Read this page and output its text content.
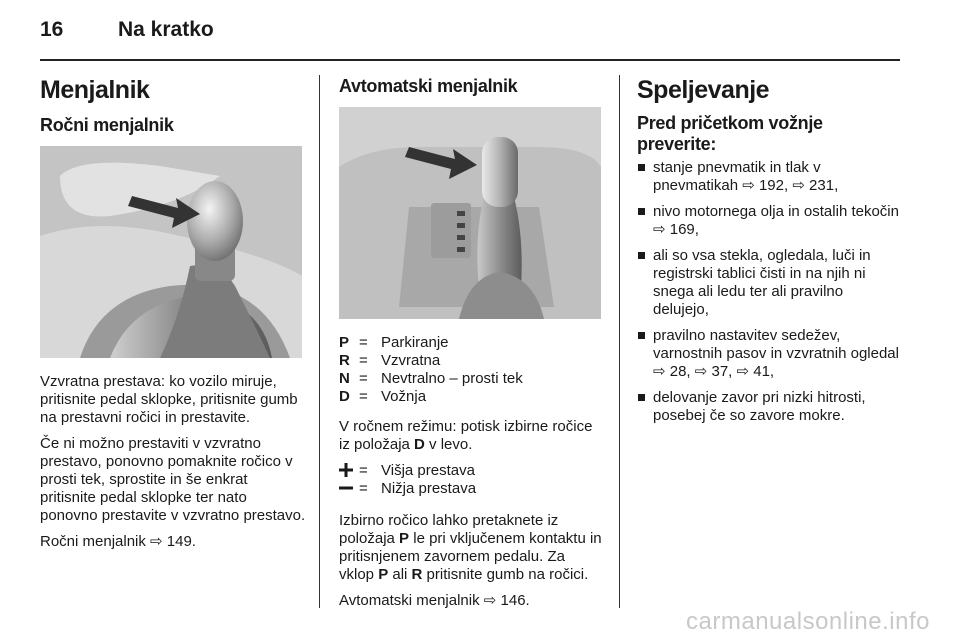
16	Na kratko
Menjalnik
Ročni menjalnik

Vzvratna prestava: ko vozilo miruje, pritisnite pedal sklopke, pritisnite gumb na prestavni ročici in prestavite.

Če ni možno prestaviti v vzvratno prestavo, ponovno pomaknite ročico v prosti tek, sprostite in še enkrat pritisnite pedal sklopke ter nato ponovno prestavite v vzvratno prestavo.

Ročni menjalnik ⇨ 149.

Avtomatski menjalnik
P = Parkiranje
R = Vzvratna
N = Nevtralno – prosti tek
D = Vožnja

V ročnem režimu: potisk izbirne ročice iz položaja D v levo.

= Višja prestava
= Nižja prestava

Izbirno ročico lahko pretaknete iz položaja P le pri vključenem kontaktu in pritisnjenem zavornem pedalu. Za vklop P ali R pritisnite gumb na ročici.

Avtomatski menjalnik ⇨ 146.

Speljevanje
Pred pričetkom vožnje preverite:
stanje pnevmatik in tlak v pnevmatikah ⇨ 192, ⇨ 231,
nivo motornega olja in ostalih tekočin ⇨ 169,
ali so vsa stekla, ogledala, luči in registrski tablici čisti in na njih ni snega ali ledu ter ali pravilno delujejo,
pravilno nastavitev sedežev, varnostnih pasov in vzvratnih ogledal ⇨ 28, ⇨ 37, ⇨ 41,
delovanje zavor pri nizki hitrosti, posebej če so zavore mokre.
carmanualsonline.info
